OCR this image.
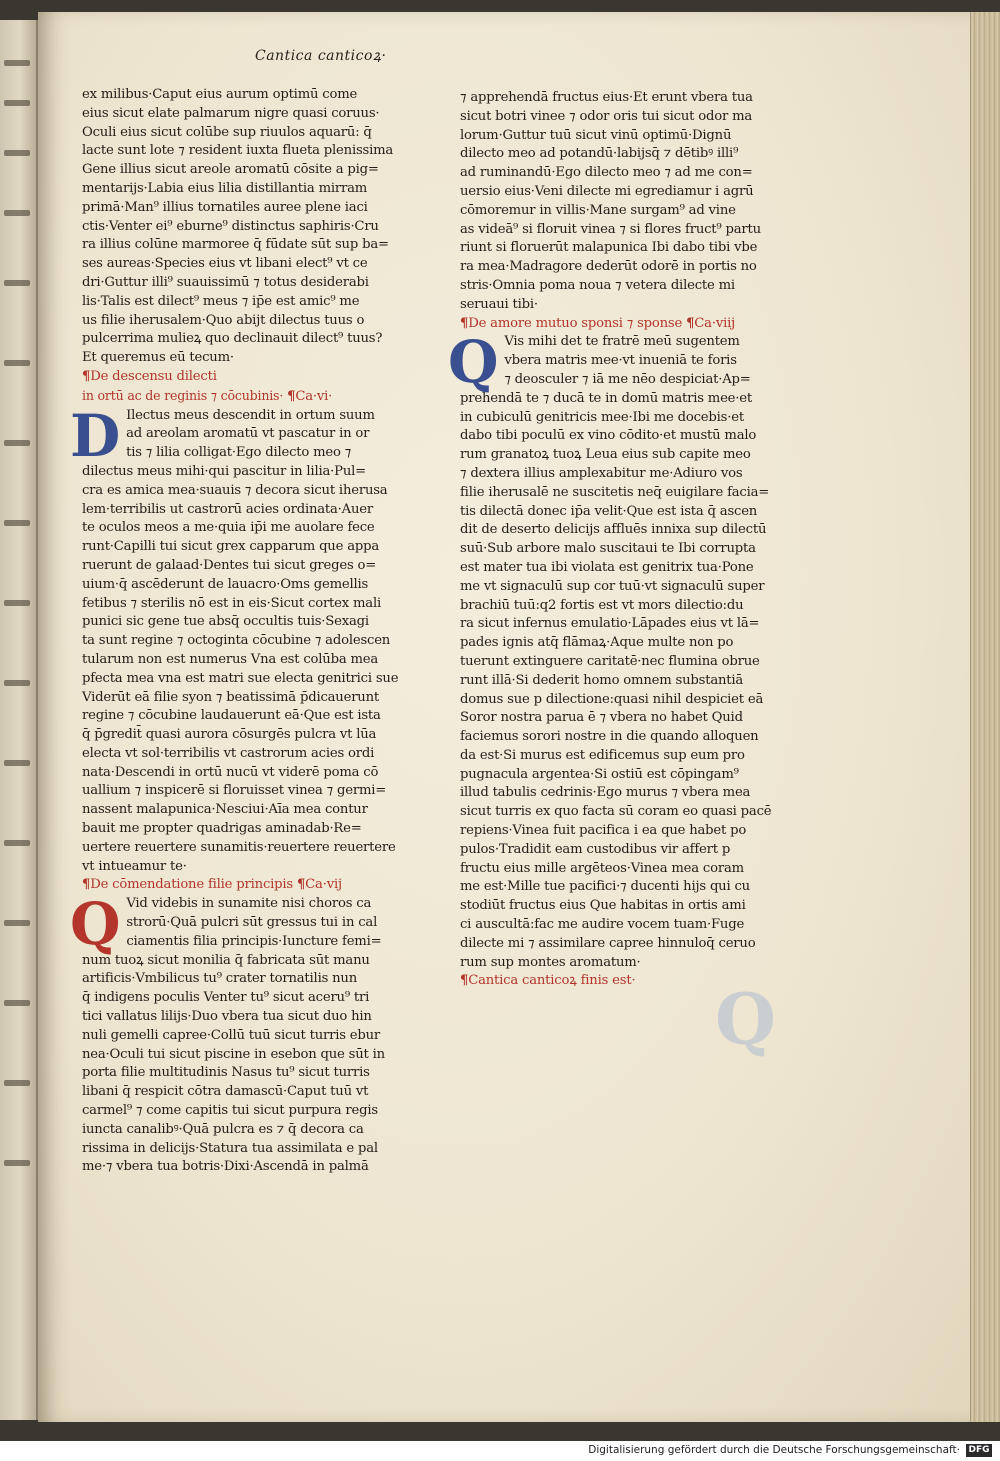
Cantica canticoꝝ·

ex milibus·Caput eius aurum optimū come

eius sicut elate palmarum nigre quasi coruus·

Oculi eius sicut colūbe sup riuulos aquarū: q̄

lacte sunt lote ⁊ resident iuxta flueta plenissima

Gene illius sicut areole aromatū cōsite a pig=

mentarijs·Labia eius lilia distillantia mirram

primā·Man⁹ illius tornatiles auree plene iaci

ctis·Venter ei⁹ eburne⁹ distinctus saphiris·Cru

ra illius colūne marmoree q̄ fūdate sūt sup ba=

ses aureas·Species eius vt libani elect⁹ vt ce

dri·Guttur illi⁹ suauissimū ⁊ totus desiderabi

lis·Talis est dilect⁹ meus ⁊ ip̄e est amic⁹ me

us filie iherusalem·Quo abijt dilectus tuus o

pulcerrima mulieꝝ quo declinauit dilect⁹ tuus?

Et queremus eū tecum·

¶De descensu dilecti

in ortū ac de reginis ⁊ cōcubinis· ¶Ca·vi·

D Ilectus meus descendit in ortum suum

ad areolam aromatū vt pascatur in or

tis ⁊ lilia colligat·Ego dilecto meo ⁊

dilectus meus mihi·qui pascitur in lilia·Pul=

cra es amica mea·suauis ⁊ decora sicut iherusa

lem·terribilis ut castrorū acies ordinata·Auer

te oculos meos a me·quia ip̄i me auolare fece

runt·Capilli tui sicut grex capparum que appa

ruerunt de galaad·Dentes tui sicut greges o=

uium·q̄ ascēderunt de lauacro·Oms gemellis

fetibus ⁊ sterilis nō est in eis·Sicut cortex mali

punici sic gene tue absq̄ occultis tuis·Sexagi

ta sunt regine ⁊ octoginta cōcubine ⁊ adolescen

tularum non est numerus Vna est colūba mea

pfecta mea vna est matri sue electa genitrici sue

Viderūt eā filie syon ⁊ beatissimā p̄dicauerunt

regine ⁊ cōcubine laudauerunt eā·Que est ista

q̄ p̄gredit̄ quasi aurora cōsurgēs pulcra vt lūa

electa vt sol·terribilis vt castrorum acies ordi

nata·Descendi in ortū nucū vt viderē poma cō

uallium ⁊ inspicerē si floruisset vinea ⁊ germi=

nassent malapunica·Nesciui·Aīa mea contur

bauit me propter quadrigas aminadab·Re=

uertere reuertere sunamitis·reuertere reuertere

vt intueamur te·

¶De cōmendatione filie principis ¶Ca·vij

Q Vid videbis in sunamite nisi choros ca

strorū·Quā pulcri sūt gressus tui in cal

ciamentis filia principis·Iuncture femi=

num tuoꝝ sicut monilia q̄ fabricata sūt manu

artificis·Vmbilicus tu⁹ crater tornatilis nun

q̄ indigens poculis Venter tu⁹ sicut aceru⁹ tri

tici vallatus lilijs·Duo vbera tua sicut duo hin

nuli gemelli capree·Collū tuū sicut turris ebur

nea·Oculi tui sicut piscine in esebon que sūt in

porta filie multitudinis Nasus tu⁹ sicut turris

libani q̄ respicit cōtra damascū·Caput tuū vt

carmel⁹ ⁊ come capitis tui sicut purpura regis

iuncta canalibꝰ·Quā pulcra es ⁊ q̄ decora ca

rissima in delicijs·Statura tua assimilata e pal

me·⁊ vbera tua botris·Dixi·Ascendā in palmā

⁊ apprehendā fructus eius·Et erunt vbera tua

sicut botri vinee ⁊ odor oris tui sicut odor ma

lorum·Guttur tuū sicut vinū optimū·Dignū

dilecto meo ad potandū·labijsq̄ ⁊ dētibꝰ illi⁹

ad ruminandū·Ego dilecto meo ⁊ ad me con=

uersio eius·Veni dilecte mi egrediamur i agrū

cōmoremur in villis·Mane surgam⁹ ad vine

as videā⁹ si floruit vinea ⁊ si flores fruct⁹ partu

riunt si floruerūt malapunica Ibi dabo tibi vbe

ra mea·Madragore dederūt odorē in portis no

stris·Omnia poma noua ⁊ vetera dilecte mi

seruaui tibi·

¶De amore mutuo sponsi ⁊ sponse ¶Ca·viij

Q Vis mihi det te fratrē meū sugentem

vbera matris mee·vt inueniā te foris

⁊ deosculer ⁊ iā me nēo despiciat·Ap=

prehendā te ⁊ ducā te in domū matris mee·et

in cubiculū genitricis mee·Ibi me docebis·et

dabo tibi poculū ex vino cōdito·et mustū malo

rum granatoꝝ tuoꝝ Leua eius sub capite meo

⁊ dextera illius amplexabitur me·Adiuro vos

filie iherusalē ne suscitetis neq̄ euigilare facia=

tis dilectā donec ip̄a velit·Que est ista q̄ ascen

dit de deserto delicijs affluēs innixa sup dilectū

suū·Sub arbore malo suscitaui te Ibi corrupta

est mater tua ibi violata est genitrix tua·Pone

me vt signaculū sup cor tuū·vt signaculū super

brachiū tuū:q2 fortis est vt mors dilectio:du

ra sicut infernus emulatio·Lāpades eius vt lā=

pades ignis atq̄ flāmaꝝ·Aque multe non po

tuerunt extinguere caritatē·nec flumina obrue

runt illā·Si dederit homo omnem substantiā

domus sue p dilectione:quasi nihil despiciet eā

Soror nostra parua ē ⁊ vbera no habet Quid

faciemus sorori nostre in die quando alloquen

da est·Si murus est edificemus sup eum pro

pugnacula argentea·Si ostiū est cōpingam⁹

illud tabulis cedrinis·Ego murus ⁊ vbera mea

sicut turris ex quo facta sū coram eo quasi pacē

repiens·Vinea fuit pacifica i ea que habet po

pulos·Tradidit eam custodibus vir affert p

fructu eius mille argēteos·Vinea mea coram

me est·Mille tue pacifici·⁊ ducenti hijs qui cu

stodiūt fructus eius Que habitas in ortis ami

ci auscultā:fac me audire vocem tuam·Fuge

dilecte mi ⁊ assimilare capree hinnuloq̄ ceruo

rum sup montes aromatum·

¶Cantica canticoꝝ finis est·	Q
Digitalisierung gefördert durch die Deutsche Forschungsgemeinschaft· DFG
